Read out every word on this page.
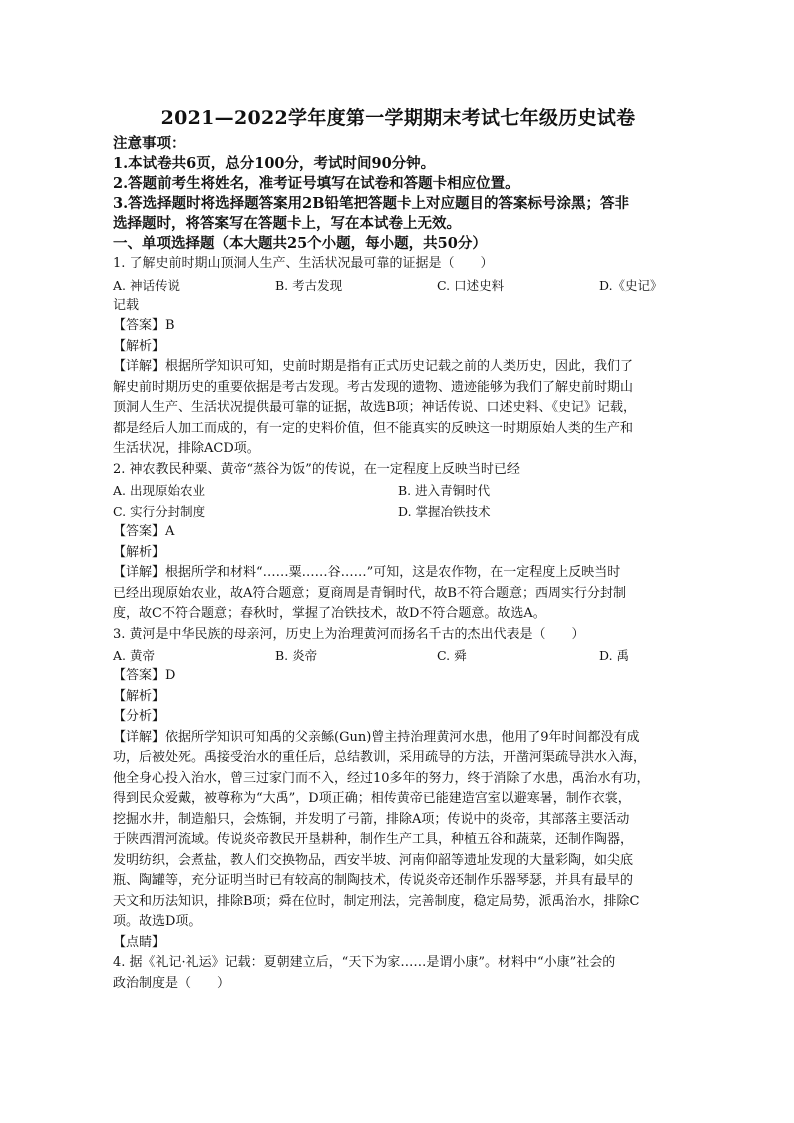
2021—2022学年度第一学期期末考试七年级历史试卷
注意事项：
1.本试卷共6页，总分100分，考试时间90分钟。
2.答题前考生将姓名，准考证号填写在试卷和答题卡相应位置。
3.答选择题时将选择题答案用2B铅笔把答题卡上对应题目的答案标号涂黑；答非
选择题时，将答案写在答题卡上，写在本试卷上无效。
一、单项选择题（本大题共25个小题，每小题，共50分）
1. 了解史前时期山顶洞人生产、生活状况最可靠的证据是（　　）
A. 神话传说	B. 考古发现	C. 口述史料	D.《史记》
记载
【答案】B
【解析】
【详解】根据所学知识可知，史前时期是指有正式历史记载之前的人类历史，因此，我们了
解史前时期历史的重要依据是考古发现。考古发现的遗物、遗迹能够为我们了解史前时期山
顶洞人生产、生活状况提供最可靠的证据，故选B项；神话传说、口述史料、《史记》记载，
都是经后人加工而成的，有一定的史料价值，但不能真实的反映这一时期原始人类的生产和
生活状况，排除ACD项。
2. 神农教民种粟、黄帝“蒸谷为饭”的传说，在一定程度上反映当时已经
A. 出现原始农业	B. 进入青铜时代
C. 实行分封制度	D. 掌握冶铁技术
【答案】A
【解析】
【详解】根据所学和材料“……粟……谷……”可知，这是农作物，在一定程度上反映当时
已经出现原始农业，故A符合题意；夏商周是青铜时代，故B不符合题意；西周实行分封制
度，故C不符合题意；春秋时，掌握了冶铁技术，故D不符合题意。故选A。
3. 黄河是中华民族的母亲河，历史上为治理黄河而扬名千古的杰出代表是（　　）
A. 黄帝	B. 炎帝	C. 舜	D. 禹
【答案】D
【解析】
【分析】
【详解】依据所学知识可知禹的父亲鲧(Gun)曾主持治理黄河水患，他用了9年时间都没有成
功，后被处死。禹接受治水的重任后，总结教训，采用疏导的方法，开凿河渠疏导洪水入海，
他全身心投入治水，曾三过家门而不入，经过10多年的努力，终于消除了水患，禹治水有功，
得到民众爱戴，被尊称为“大禹”，D项正确；相传黄帝已能建造宫室以避寒暑，制作衣裳，
挖掘水井，制造船只，会炼铜，并发明了弓箭，排除A项；传说中的炎帝，其部落主要活动
于陕西渭河流域。传说炎帝教民开垦耕种，制作生产工具，种植五谷和蔬菜，还制作陶器，
发明纺织，会煮盐，教人们交换物品，西安半坡、河南仰韶等遗址发现的大量彩陶，如尖底
瓶、陶罐等，充分证明当时已有较高的制陶技术，传说炎帝还制作乐器琴瑟，并具有最早的
天文和历法知识，排除B项；舜在位时，制定刑法，完善制度，稳定局势，派禹治水，排除C
项。故选D项。
【点睛】
4. 据《礼记·礼运》记载：夏朝建立后，“天下为家……是谓小康”。材料中“小康”社会的
政治制度是（　　）
